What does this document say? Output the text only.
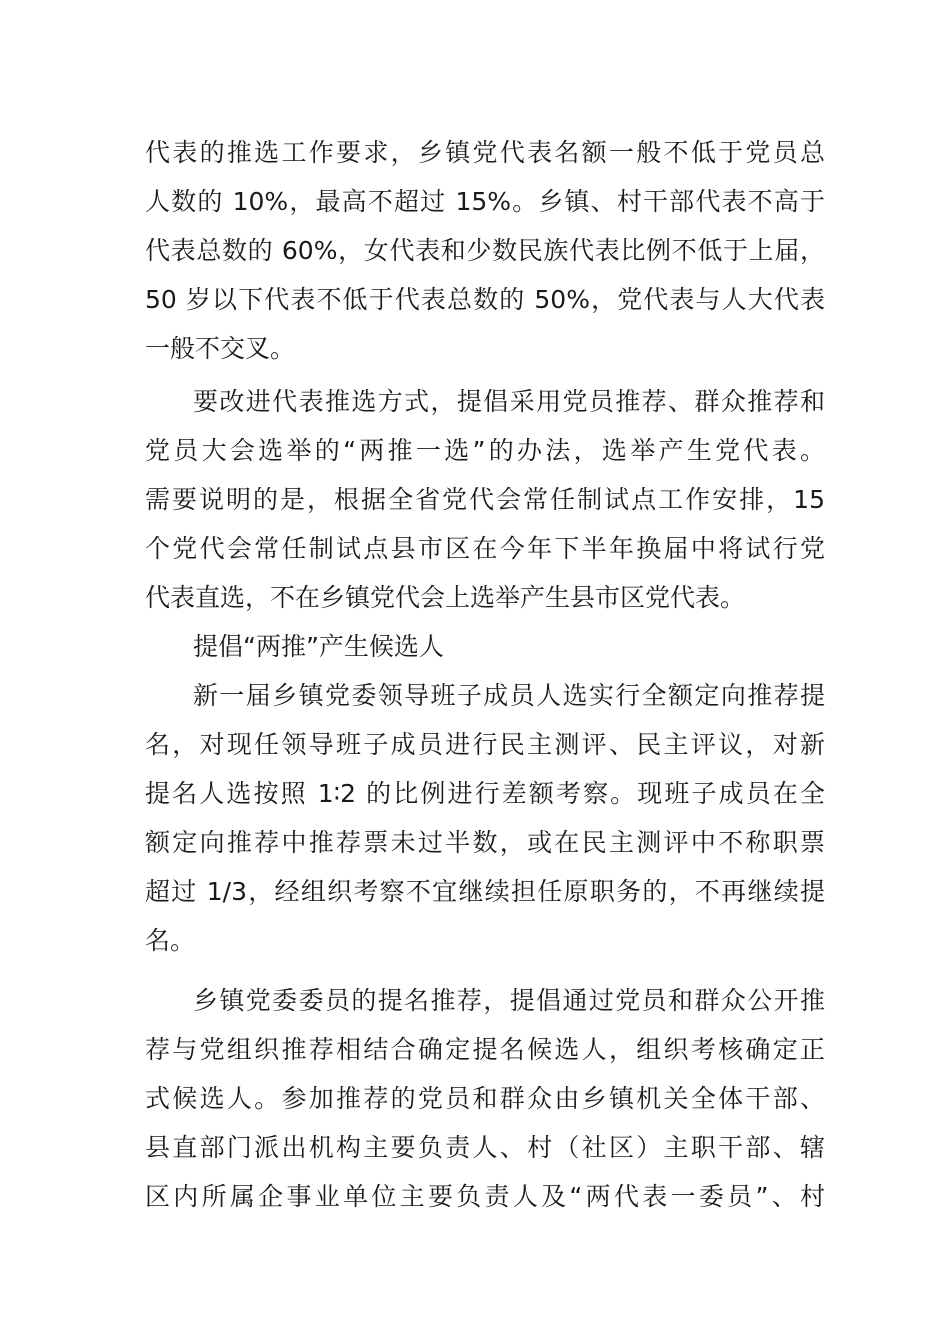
代表的推选工作要求，乡镇党代表名额一般不低于党员总
人数的 10%，最高不超过 15%。乡镇、村干部代表不高于
代表总数的 60%，女代表和少数民族代表比例不低于上届，
50 岁以下代表不低于代表总数的 50%，党代表与人大代表
一般不交叉。
要改进代表推选方式，提倡采用党员推荐、群众推荐和
党员大会选举的“两推一选”的办法，选举产生党代表。
需要说明的是，根据全省党代会常任制试点工作安排，15
个党代会常任制试点县市区在今年下半年换届中将试行党
代表直选，不在乡镇党代会上选举产生县市区党代表。
提倡“两推”产生候选人
新一届乡镇党委领导班子成员人选实行全额定向推荐提
名，对现任领导班子成员进行民主测评、民主评议，对新
提名人选按照 1∶2 的比例进行差额考察。现班子成员在全
额定向推荐中推荐票未过半数，或在民主测评中不称职票
超过 1/3，经组织考察不宜继续担任原职务的，不再继续提
名。
乡镇党委委员的提名推荐，提倡通过党员和群众公开推
荐与党组织推荐相结合确定提名候选人，组织考核确定正
式候选人。参加推荐的党员和群众由乡镇机关全体干部、
县直部门派出机构主要负责人、村（社区）主职干部、辖
区内所属企事业单位主要负责人及“两代表一委员”、村
